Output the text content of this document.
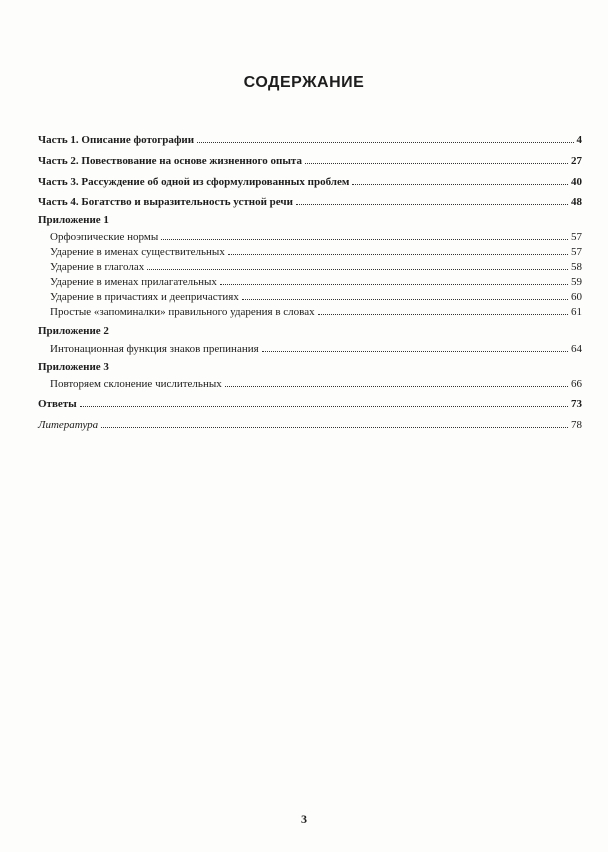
СОДЕРЖАНИЕ
Часть 1. Описание фотографии	4
Часть 2. Повествование на основе жизненного опыта	27
Часть 3. Рассуждение об одной из сформулированных проблем	40
Часть 4. Богатство и выразительность устной речи	48
Приложение 1
Орфоэпические нормы	57
Ударение в именах существительных	57
Ударение в глаголах	58
Ударение в именах прилагательных	59
Ударение в причастиях и деепричастиях	60
Простые «запоминалки» правильного ударения в словах	61
Приложение 2
Интонационная функция знаков препинания	64
Приложение 3
Повторяем склонение числительных	66
Ответы	73
Литература	78
3
